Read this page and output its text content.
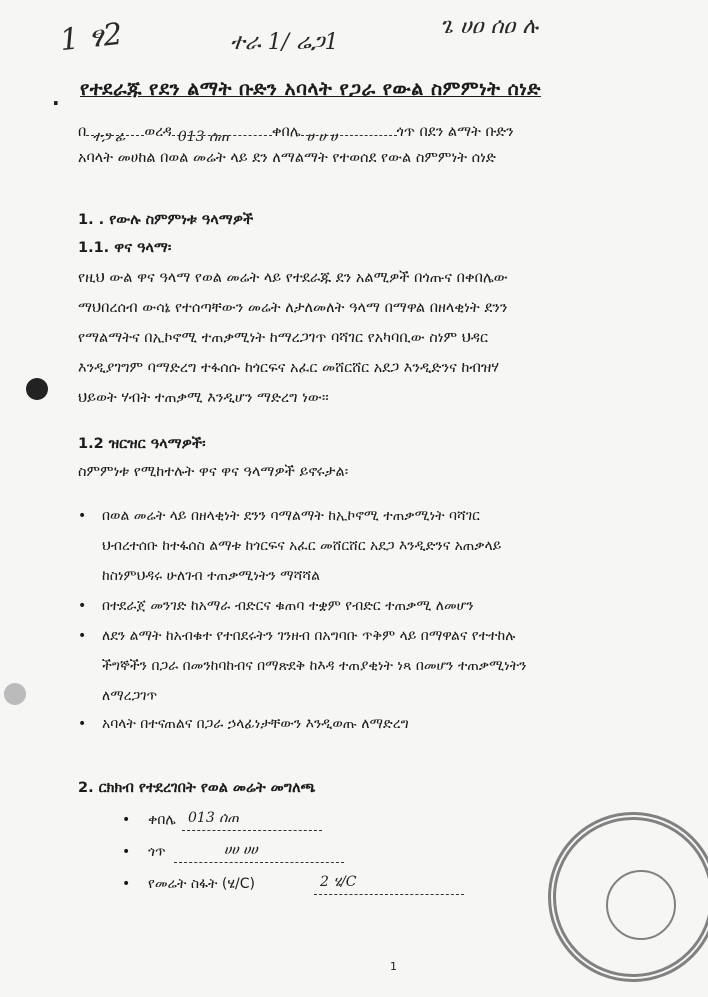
1 ፃ2	ተራ 1/ ሬጋ1
ጌ ሀዐ ሰዐ ሉ
. የተደራጁ የደን ልማት ቡድን አባላት የጋራ የውል ስምምነት ሰነድ
በ ተጋ ፊ ወረዳ 013 ሰጠ	ቀበሌ ሀ ሀ ሀ	ጎጥ በደን ልማት ቡድን
አባላት መሀከል በወል መሬት ላይ ደን ለማልማት የተወሰደ የውል ስምምነት ሰነድ
1. . የውሉ ስምምነቱ ዓላማዎች
1.1. ዋና ዓላማ፡
የዚህ ውል ዋና ዓላማ የወል መሬት ላይ የተደራጁ ደን አልሚዎች በጎጡና በቀበሌው
ማህበረሰብ ውሳኔ የተሰጣቸውን መሬት ለታለመለት ዓላማ በማዋል በዘላቂነት ደንን
የማልማትና በኢኮኖሚ ተጠቃሚነት ከማረጋገጥ ባሻገር የአካባቢው ስነም ህዳር
እንዲያገግም ባማድረግ ተፋሰሱ ከጎርፍና አፈር መሸርሸር አደጋ እንዲድንና ከብዝሃ
ህይወት ሃብት ተጠቃሚ እንዲሆን ማድረግ ነው፡፡
1.2 ዝርዝር ዓላማዎች፡
ስምምነቱ የሚከተሉት ዋና ዋና ዓላማዎች ይኖሩታል፡
• በወል መሬት ላይ በዘላቂነት ደንን ባማልማት ከኢኮኖሚ ተጠቃሚነት ባሻገር
ህብረተሰቡ ከተፋሰስ ልማቱ ከጎርፍና አፈር መሸርሸር አደጋ እንዲድንና አጠቃላይ
ከስነምህዳሩ ሁለገብ ተጠቃሚነትን ማሻሻል
• በተደራጀ መንገድ ከአማራ ብድርና ቁጠባ ተቋም የብድር ተጠቃሚ ለመሆን
• ለደን ልማት ከአብቁተ የተበደሩትን ገንዘብ በአግባቡ ጥቅም ላይ በማዋልና የተተከሉ
ችግኞችን በጋራ በመንከባከብና በማጽደቅ ከእዳ ተጠያቂነት ነጻ በመሆን ተጠቃሚነትን
ለማረጋገጥ
• አባላት በተናጠልና በጋራ ኃላፊነታቸውን እንዲወጡ ለማድረግ
2. ርክክብ የተደረገበት የወል መሬት መግለጫ
• ቀበሌ 013 ሰጠ
• ጎጥ	ሀሀ ሀሀ
• የመሬት ስፋት (ሄ/C)	2 ሄ/C
1
